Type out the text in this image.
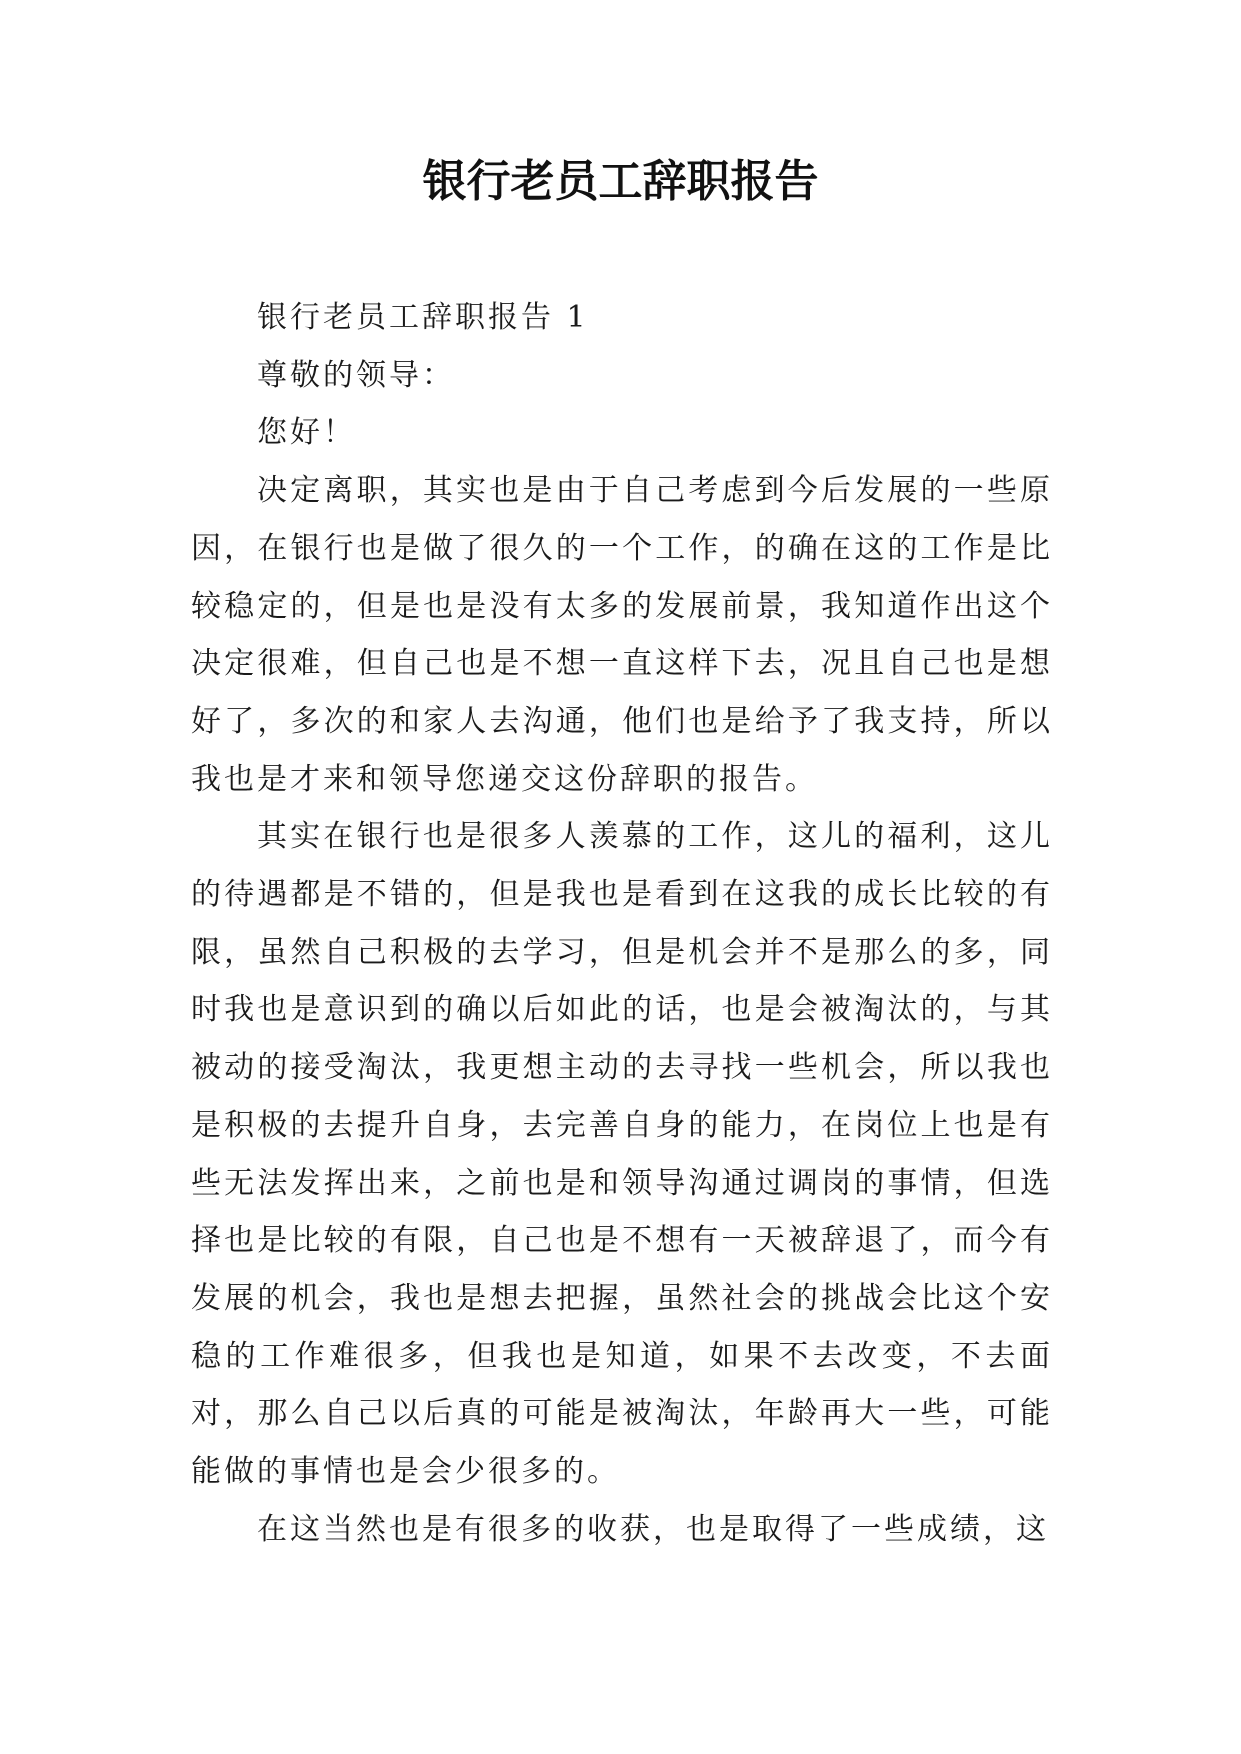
银行老员工辞职报告

银行老员工辞职报告 1

尊敬的领导：

您好！

决定离职，其实也是由于自己考虑到今后发展的一些原因，在银行也是做了很久的一个工作，的确在这的工作是比较稳定的，但是也是没有太多的发展前景，我知道作出这个决定很难，但自己也是不想一直这样下去，况且自己也是想好了，多次的和家人去沟通，他们也是给予了我支持，所以我也是才来和领导您递交这份辞职的报告。

其实在银行也是很多人羡慕的工作，这儿的福利，这儿的待遇都是不错的，但是我也是看到在这我的成长比较的有限，虽然自己积极的去学习，但是机会并不是那么的多，同时我也是意识到的确以后如此的话，也是会被淘汰的，与其被动的接受淘汰，我更想主动的去寻找一些机会，所以我也是积极的去提升自身，去完善自身的能力，在岗位上也是有些无法发挥出来，之前也是和领导沟通过调岗的事情，但选择也是比较的有限，自己也是不想有一天被辞退了，而今有发展的机会，我也是想去把握，虽然社会的挑战会比这个安稳的工作难很多，但我也是知道，如果不去改变，不去面对，那么自己以后真的可能是被淘汰，年龄再大一些，可能能做的事情也是会少很多的。

在这当然也是有很多的收获，也是取得了一些成绩，这
